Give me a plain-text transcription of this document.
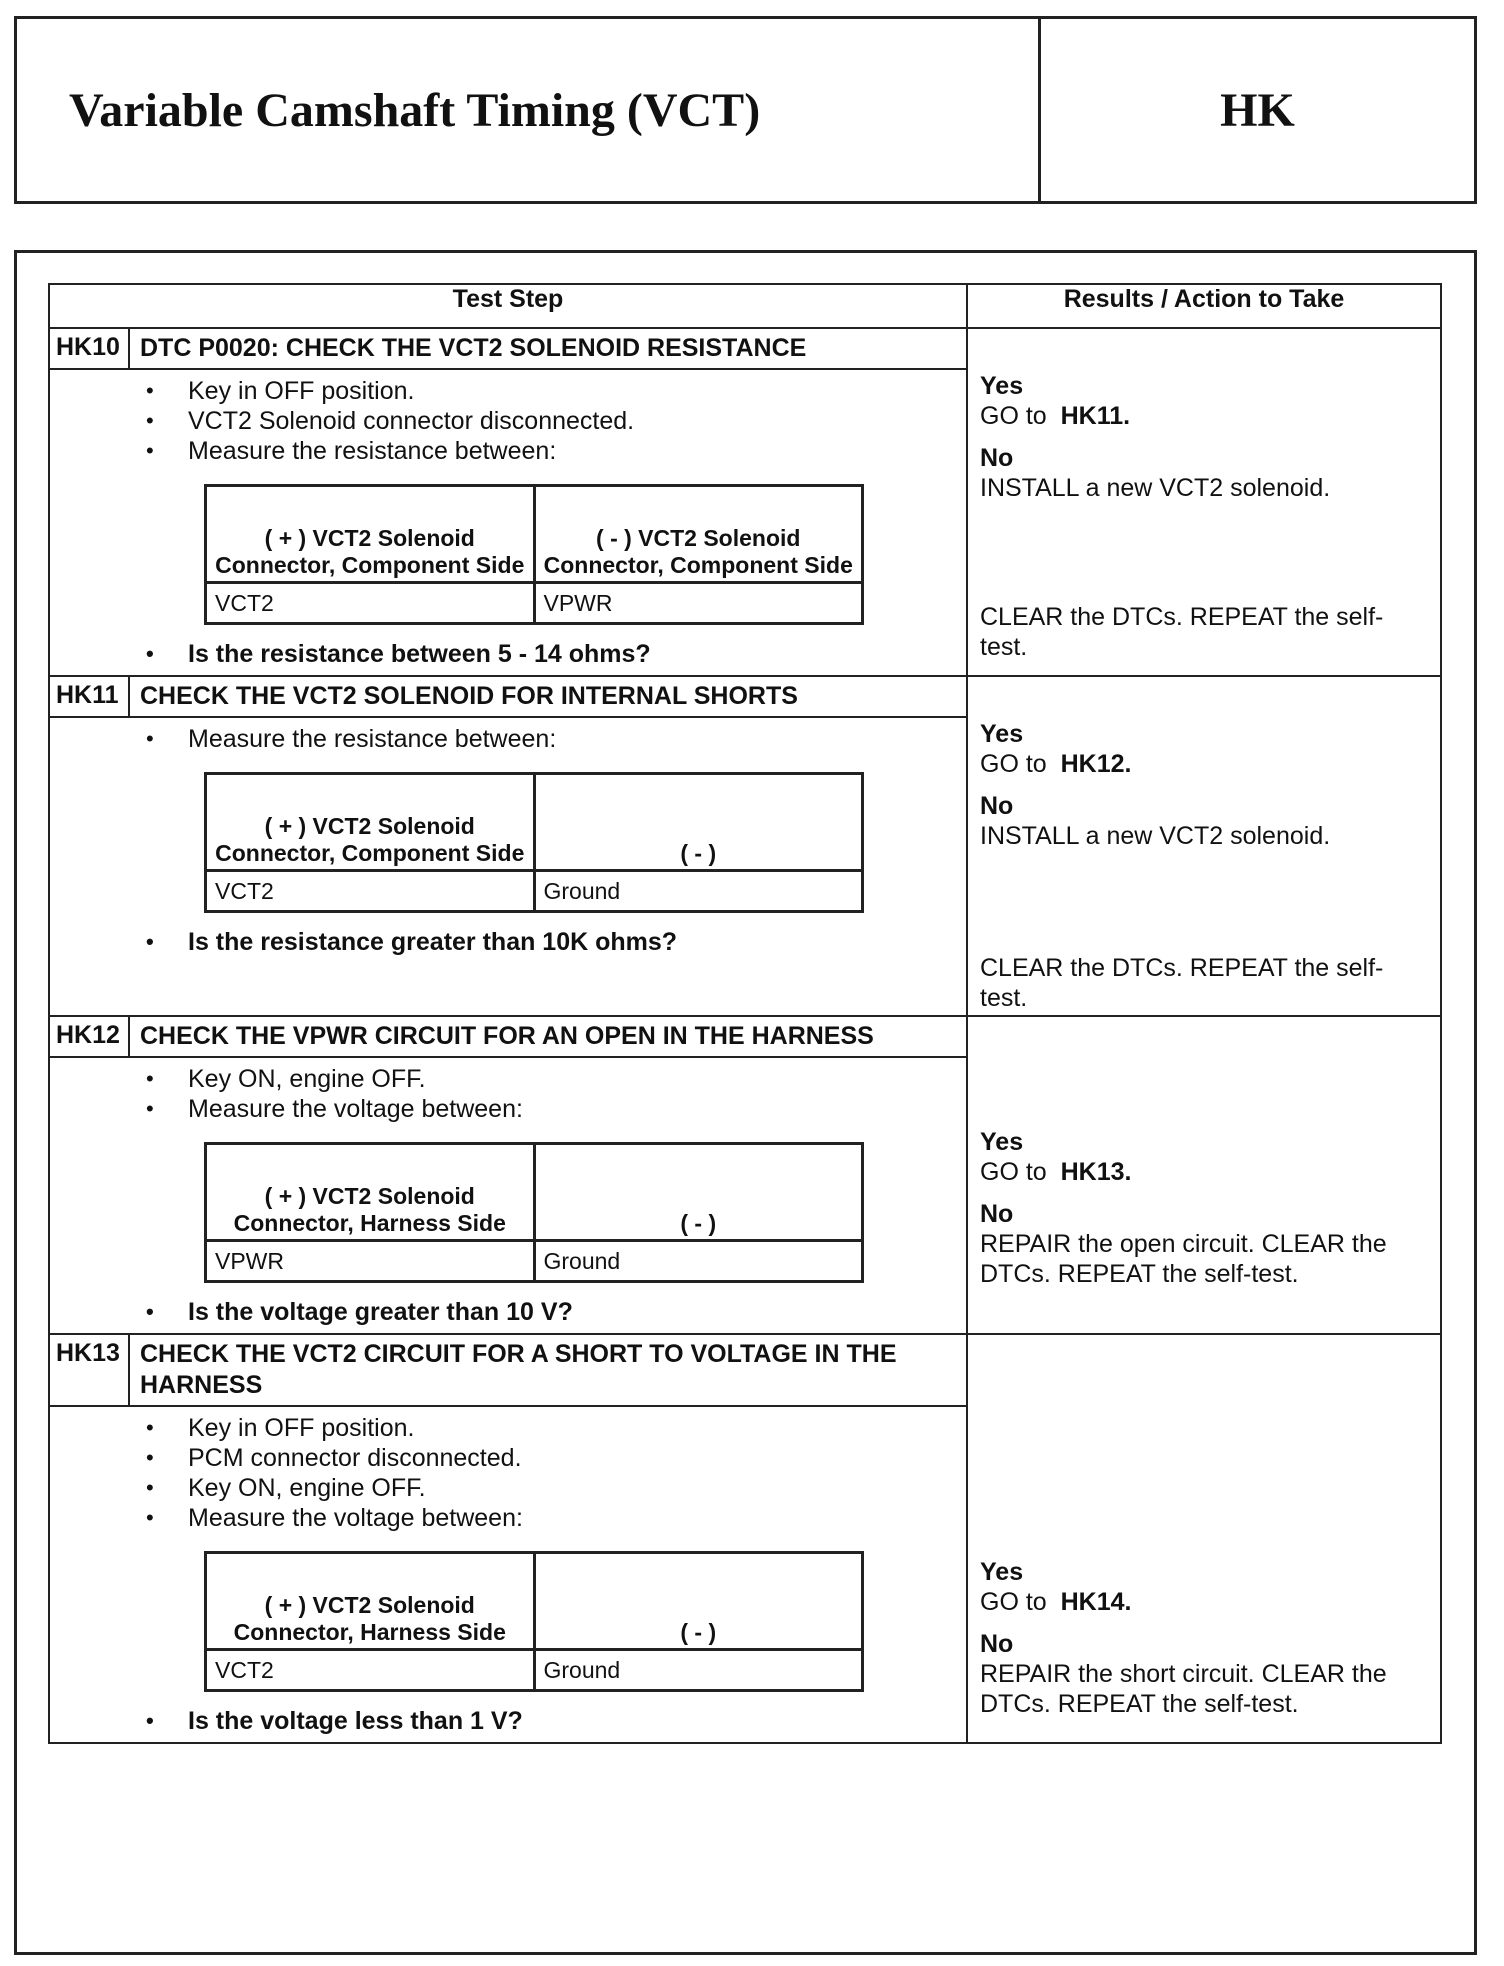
Variable Camshaft Timing (VCT)	HK
Test Step	Results / Action to Take

HK10 DTC P0020: CHECK THE VCT2 SOLENOID RESISTANCE
•	Key in OFF position.
•	VCT2 Solenoid connector disconnected.
•	Measure the resistance between:
( + ) VCT2 Solenoid Connector, Component Side	( - ) VCT2 Solenoid Connector, Component Side
VCT2	VPWR
•	Is the resistance between 5 - 14 ohms?

Yes
GO to HK11.
No
INSTALL a new VCT2 solenoid.
CLEAR the DTCs. REPEAT the self-test.

HK11 CHECK THE VCT2 SOLENOID FOR INTERNAL SHORTS
•	Measure the resistance between:
( + ) VCT2 Solenoid Connector, Component Side	( - )
VCT2	Ground
•	Is the resistance greater than 10K ohms?

Yes
GO to HK12.
No
INSTALL a new VCT2 solenoid.
CLEAR the DTCs. REPEAT the self-test.

HK12 CHECK THE VPWR CIRCUIT FOR AN OPEN IN THE HARNESS
•	Key ON, engine OFF.
•	Measure the voltage between:
( + ) VCT2 Solenoid Connector, Harness Side	( - )
VPWR	Ground
•	Is the voltage greater than 10 V?

Yes
GO to HK13.
No
REPAIR the open circuit. CLEAR the DTCs. REPEAT the self-test.

HK13 CHECK THE VCT2 CIRCUIT FOR A SHORT TO VOLTAGE IN THE HARNESS
•	Key in OFF position.
•	PCM connector disconnected.
•	Key ON, engine OFF.
•	Measure the voltage between:
( + ) VCT2 Solenoid Connector, Harness Side	( - )
VCT2	Ground
•	Is the voltage less than 1 V?

Yes
GO to HK14.
No
REPAIR the short circuit. CLEAR the DTCs. REPEAT the self-test.
